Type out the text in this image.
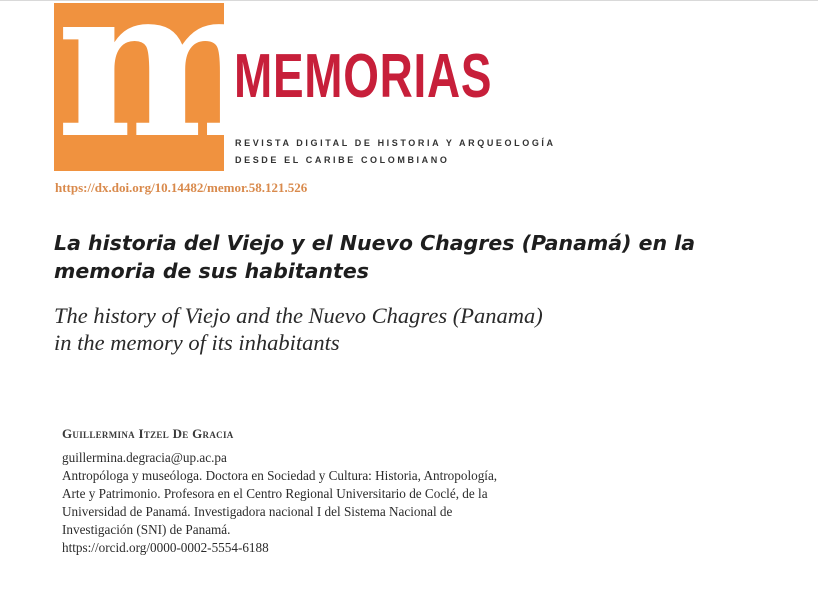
m
MEMORIAS
REVISTA DIGITAL DE HISTORIA Y ARQUEOLOGÍA
DESDE EL CARIBE COLOMBIANO
https://dx.doi.org/10.14482/memor.58.121.526
La historia del Viejo y el Nuevo Chagres (Panamá) en la
memoria de sus habitantes
The history of Viejo and the Nuevo Chagres (Panama)
in the memory of its inhabitants
Guillermina Itzel De Gracia
guillermina.degracia@up.ac.pa
Antropóloga y museóloga. Doctora en Sociedad y Cultura: Historia, Antropología,
Arte y Patrimonio. Profesora en el Centro Regional Universitario de Coclé, de la
Universidad de Panamá. Investigadora nacional I del Sistema Nacional de
Investigación (SNI) de Panamá.
https://orcid.org/0000-0002-5554-6188
